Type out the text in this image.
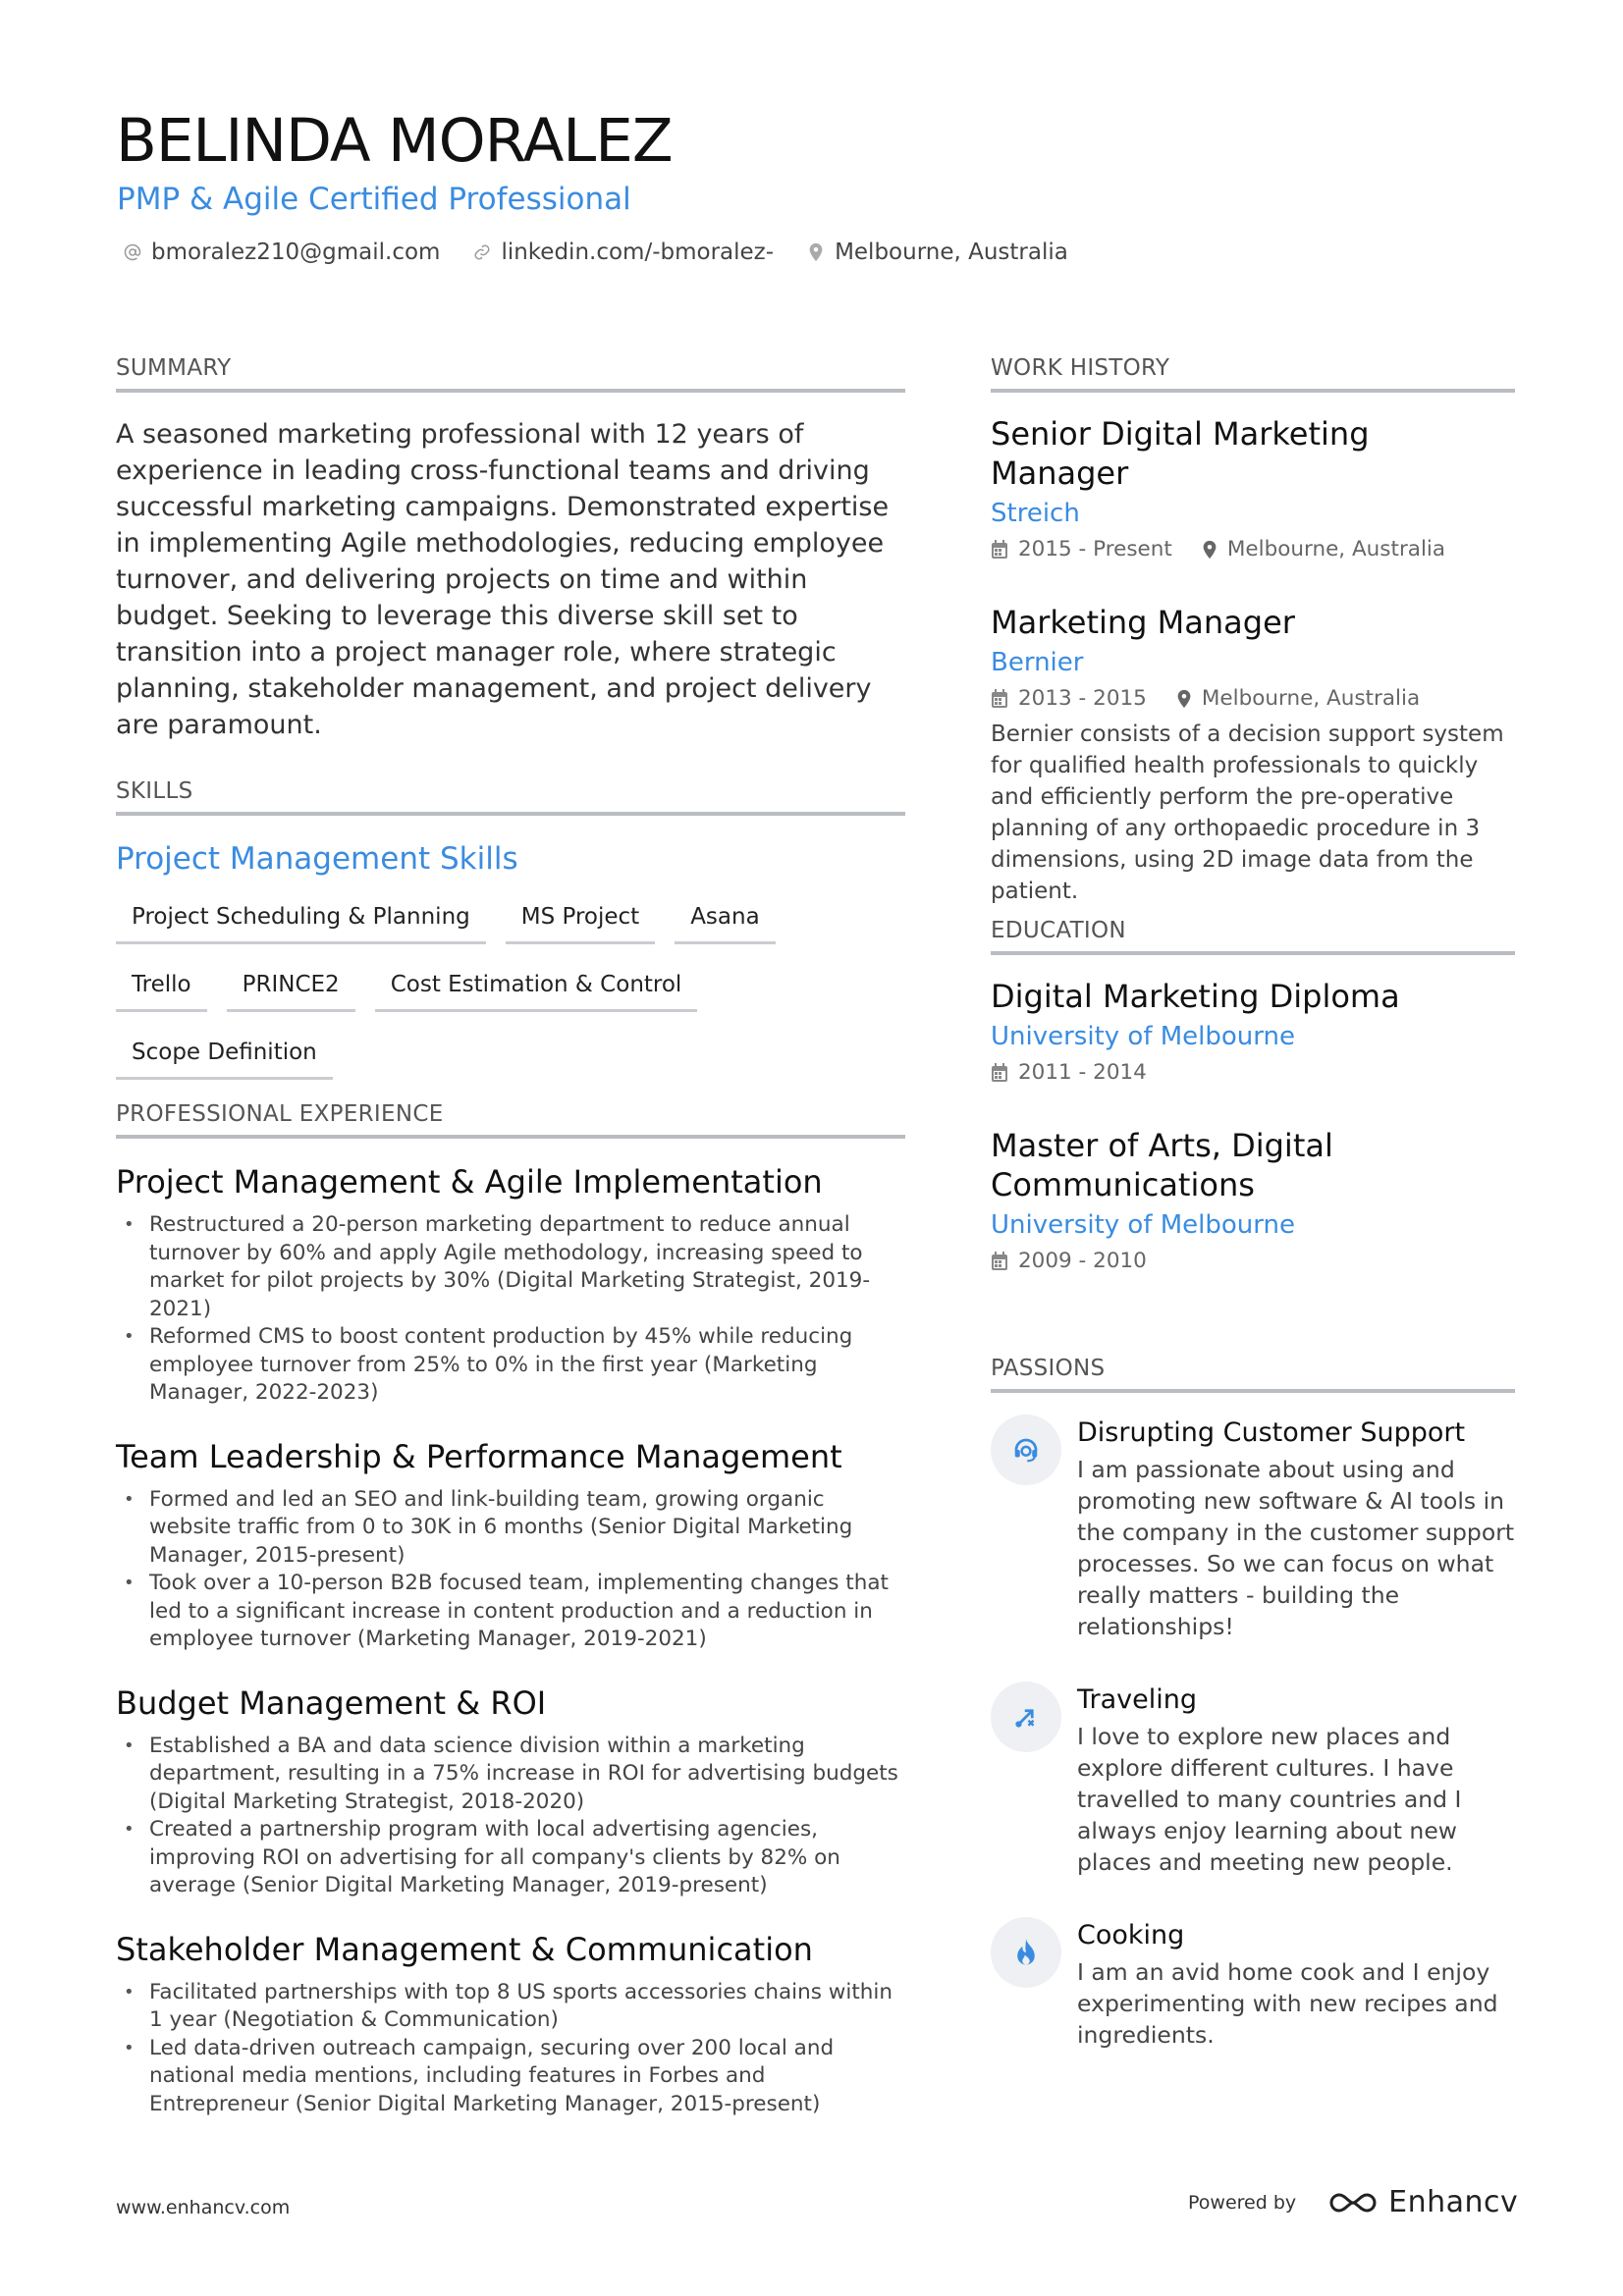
BELINDA MORALEZ
PMP & Agile Certified Professional
bmoralez210@gmail.com	linkedin.com/-bmoralez-	Melbourne, Australia
SUMMARY
A seasoned marketing professional with 12 years of experience in leading cross-functional teams and driving successful marketing campaigns. Demonstrated expertise in implementing Agile methodologies, reducing employee turnover, and delivering projects on time and within budget. Seeking to leverage this diverse skill set to transition into a project manager role, where strategic planning, stakeholder management, and project delivery are paramount.
SKILLS
Project Management Skills
Project Scheduling & Planning	MS Project	Asana
Trello	PRINCE2	Cost Estimation & Control
Scope Definition
PROFESSIONAL EXPERIENCE
Project Management & Agile Implementation
• Restructured a 20-person marketing department to reduce annual turnover by 60% and apply Agile methodology, increasing speed to market for pilot projects by 30% (Digital Marketing Strategist, 2019-2021)
• Reformed CMS to boost content production by 45% while reducing employee turnover from 25% to 0% in the first year (Marketing Manager, 2022-2023)
Team Leadership & Performance Management
• Formed and led an SEO and link-building team, growing organic website traffic from 0 to 30K in 6 months (Senior Digital Marketing Manager, 2015-present)
• Took over a 10-person B2B focused team, implementing changes that led to a significant increase in content production and a reduction in employee turnover (Marketing Manager, 2019-2021)
Budget Management & ROI
• Established a BA and data science division within a marketing department, resulting in a 75% increase in ROI for advertising budgets (Digital Marketing Strategist, 2018-2020)
• Created a partnership program with local advertising agencies, improving ROI on advertising for all company's clients by 82% on average (Senior Digital Marketing Manager, 2019-present)
Stakeholder Management & Communication
• Facilitated partnerships with top 8 US sports accessories chains within 1 year (Negotiation & Communication)
• Led data-driven outreach campaign, securing over 200 local and national media mentions, including features in Forbes and Entrepreneur (Senior Digital Marketing Manager, 2015-present)
WORK HISTORY
Senior Digital Marketing Manager
Streich
2015 - Present	Melbourne, Australia
Marketing Manager
Bernier
2013 - 2015	Melbourne, Australia
Bernier consists of a decision support system for qualified health professionals to quickly and efficiently perform the pre-operative planning of any orthopaedic procedure in 3 dimensions, using 2D image data from the patient.
EDUCATION
Digital Marketing Diploma
University of Melbourne
2011 - 2014
Master of Arts, Digital Communications
University of Melbourne
2009 - 2010
PASSIONS
Disrupting Customer Support
I am passionate about using and promoting new software & AI tools in the company in the customer support processes. So we can focus on what really matters - building the relationships!
Traveling
I love to explore new places and explore different cultures. I have travelled to many countries and I always enjoy learning about new places and meeting new people.
Cooking
I am an avid home cook and I enjoy experimenting with new recipes and ingredients.
www.enhancv.com	Powered by	Enhancv
